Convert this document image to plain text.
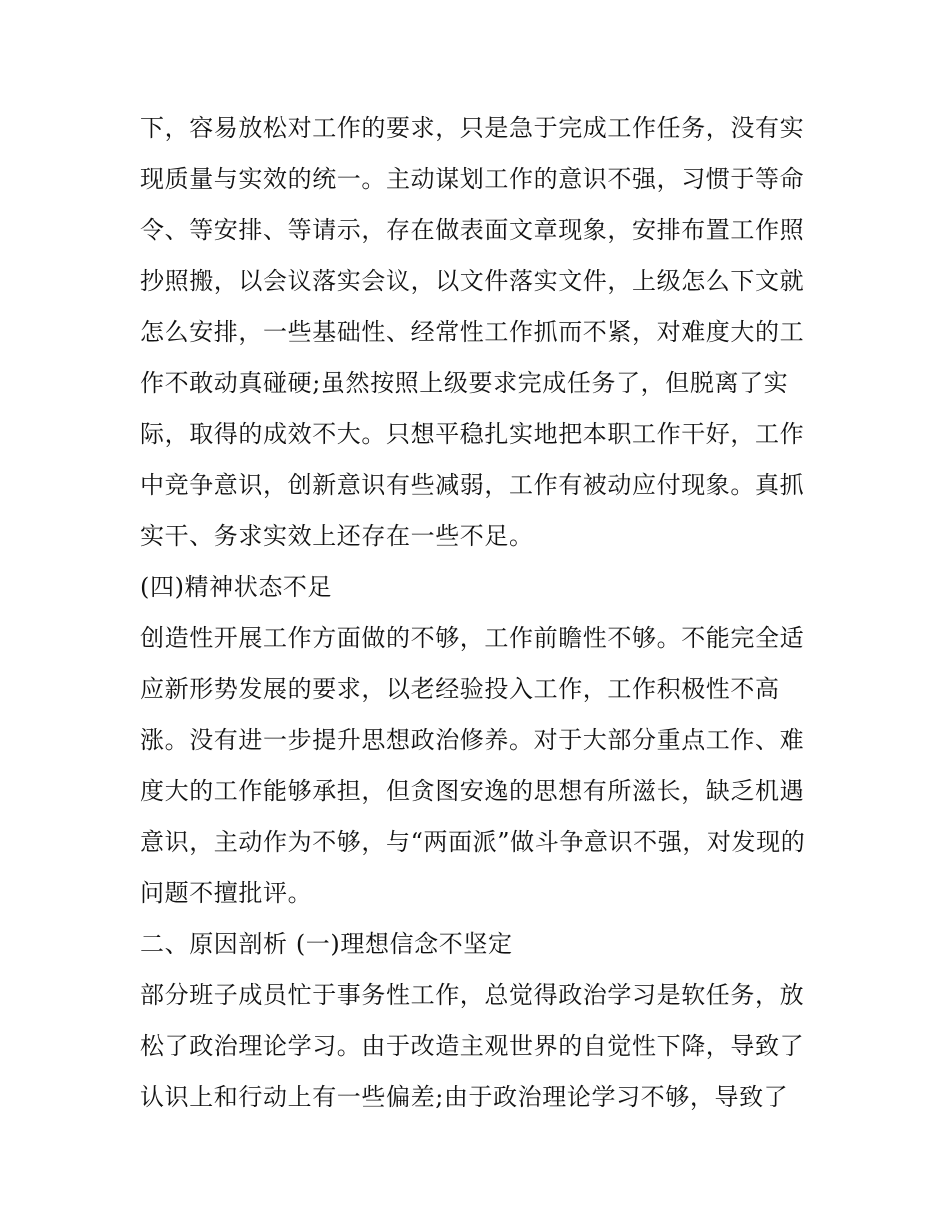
下，容易放松对工作的要求，只是急于完成工作任务，没有实
现质量与实效的统一。主动谋划工作的意识不强，习惯于等命
令、等安排、等请示，存在做表面文章现象，安排布置工作照
抄照搬，以会议落实会议，以文件落实文件，上级怎么下文就
怎么安排，一些基础性、经常性工作抓而不紧，对难度大的工
作不敢动真碰硬;虽然按照上级要求完成任务了，但脱离了实
际，取得的成效不大。只想平稳扎实地把本职工作干好，工作
中竞争意识，创新意识有些减弱，工作有被动应付现象。真抓
实干、务求实效上还存在一些不足。
(四)精神状态不足
创造性开展工作方面做的不够，工作前瞻性不够。不能完全适
应新形势发展的要求，以老经验投入工作，工作积极性不高
涨。没有进一步提升思想政治修养。对于大部分重点工作、难
度大的工作能够承担，但贪图安逸的思想有所滋长，缺乏机遇
意识，主动作为不够，与“两面派”做斗争意识不强，对发现的
问题不擅批评。
二、原因剖析 (一)理想信念不坚定
部分班子成员忙于事务性工作，总觉得政治学习是软任务，放
松了政治理论学习。由于改造主观世界的自觉性下降，导致了
认识上和行动上有一些偏差;由于政治理论学习不够，导致了
